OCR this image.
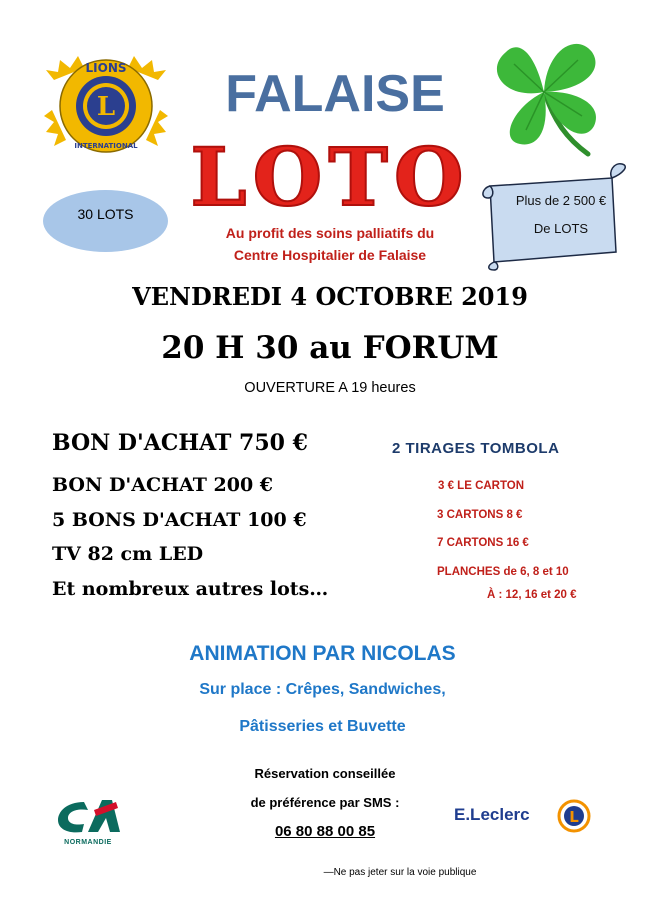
L
LIONS
INTERNATIONAL
FALAISE
LOTO
Au profit des soins palliatifs du
Centre Hospitalier de Falaise
30 LOTS
Plus de 2 500 €
De LOTS
VENDREDI 4 OCTOBRE 2019
20 H 30 au FORUM
OUVERTURE A 19 heures
BON D'ACHAT 750 €
BON D'ACHAT 200 €
5 BONS D'ACHAT 100 €
TV 82 cm LED
Et nombreux autres lots…
2 TIRAGES TOMBOLA
3 € LE CARTON
3 CARTONS 8 €
7 CARTONS 16 €
PLANCHES de 6, 8 et 10
À : 12, 16 et 20 €
ANIMATION PAR NICOLAS
Sur place : Crêpes, Sandwiches,
Pâtisseries et Buvette
Réservation conseillée
de préférence par SMS :
06 80 88 00 85
CA
NORMANDIE
E.Leclerc	L
—Ne pas jeter sur la voie publique
